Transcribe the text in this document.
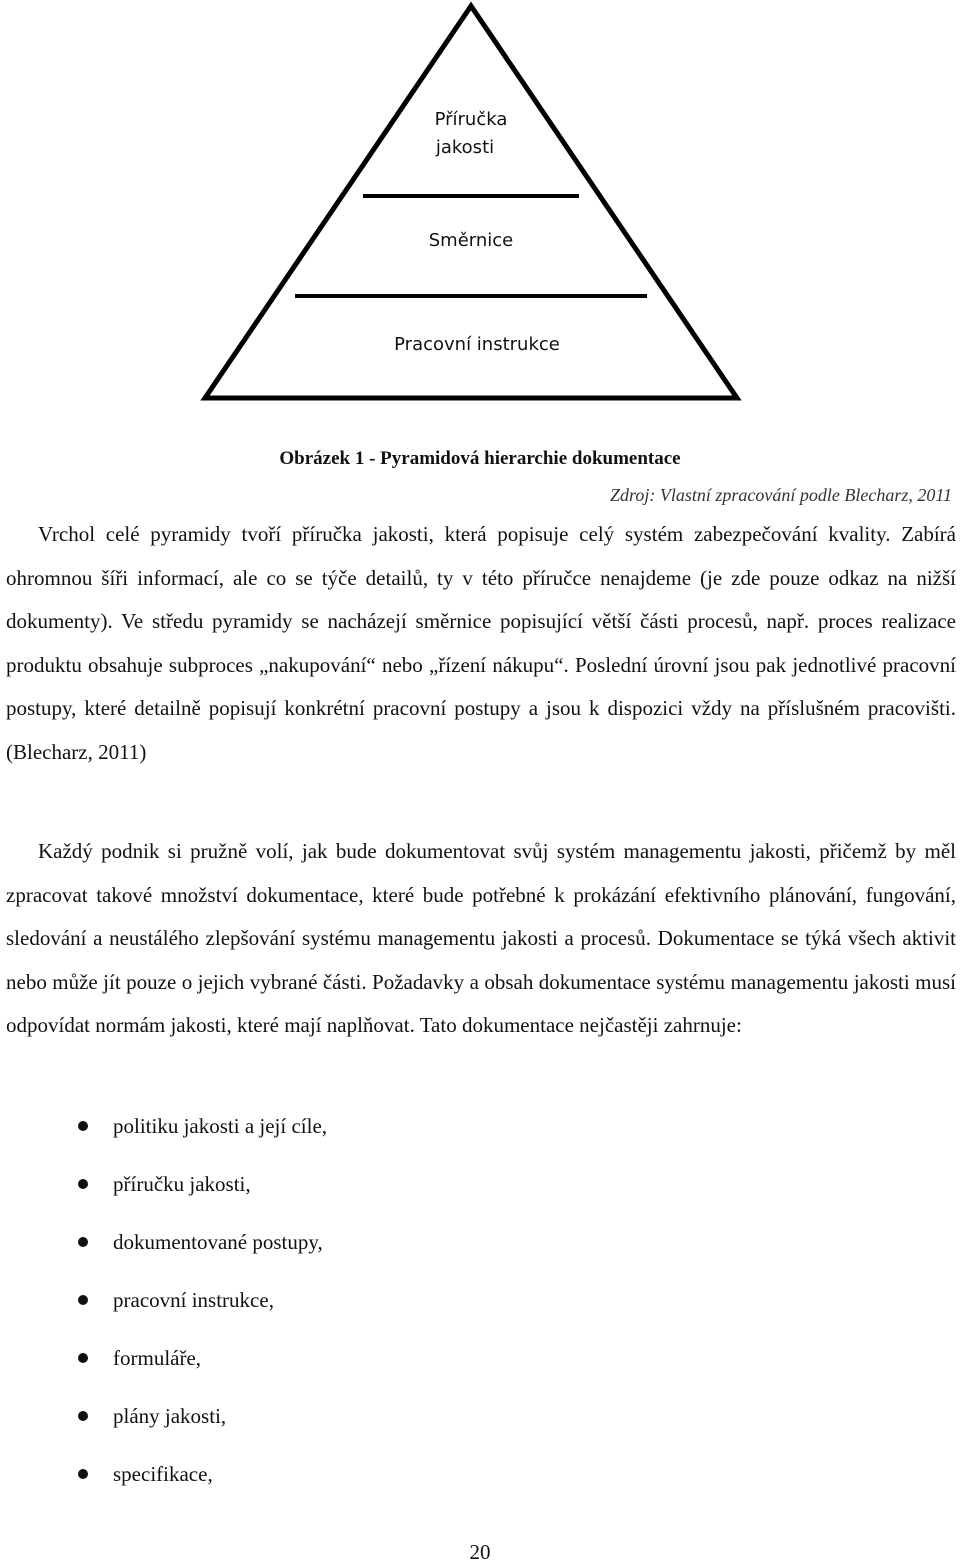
Příručka
jakosti
Směrnice
Pracovní instrukce
Obrázek 1 - Pyramidová hierarchie dokumentace
Zdroj: Vlastní zpracování podle Blecharz, 2011

Vrchol celé pyramidy tvoří příručka jakosti, která popisuje celý systém zabezpečování kvality. Zabírá ohromnou šíři informací, ale co se týče detailů, ty v této příručce nenajdeme (je zde pouze odkaz na nižší dokumenty). Ve středu pyramidy se nacházejí směrnice popisující větší části procesů, např. proces realizace produktu obsahuje subproces „nakupování“ nebo „řízení nákupu“. Poslední úrovní jsou pak jednotlivé pracovní postupy, které detailně popisují konkrétní pracovní postupy a jsou k dispozici vždy na příslušném pracovišti. (Blecharz, 2011)

Každý podnik si pružně volí, jak bude dokumentovat svůj systém managementu jakosti, přičemž by měl zpracovat takové množství dokumentace, které bude potřebné k prokázání efektivního plánování, fungování, sledování a neustálého zlepšování systému managementu jakosti a procesů. Dokumentace se týká všech aktivit nebo může jít pouze o jejich vybrané části. Požadavky a obsah dokumentace systému managementu jakosti musí odpovídat normám jakosti, které mají naplňovat. Tato dokumentace nejčastěji zahrnuje:

politiku jakosti a její cíle,
příručku jakosti,
dokumentované postupy,
pracovní instrukce,
formuláře,
plány jakosti,
specifikace,
20
